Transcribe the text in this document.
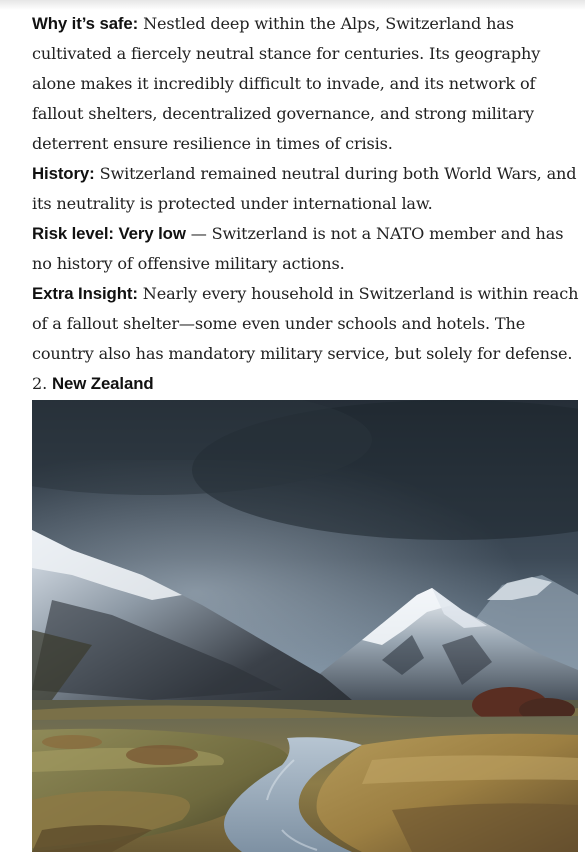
Why it’s safe: Nestled deep within the Alps, Switzerland has cultivated a fiercely neutral stance for centuries. Its geography alone makes it incredibly difficult to invade, and its network of fallout shelters, decentralized governance, and strong military deterrent ensure resilience in times of crisis.

History: Switzerland remained neutral during both World Wars, and its neutrality is protected under international law.

Risk level: Very low — Switzerland is not a NATO member and has no history of offensive military actions.

Extra Insight: Nearly every household in Switzerland is within reach of a fallout shelter—some even under schools and hotels. The country also has mandatory military service, but solely for defense.

2. New Zealand
